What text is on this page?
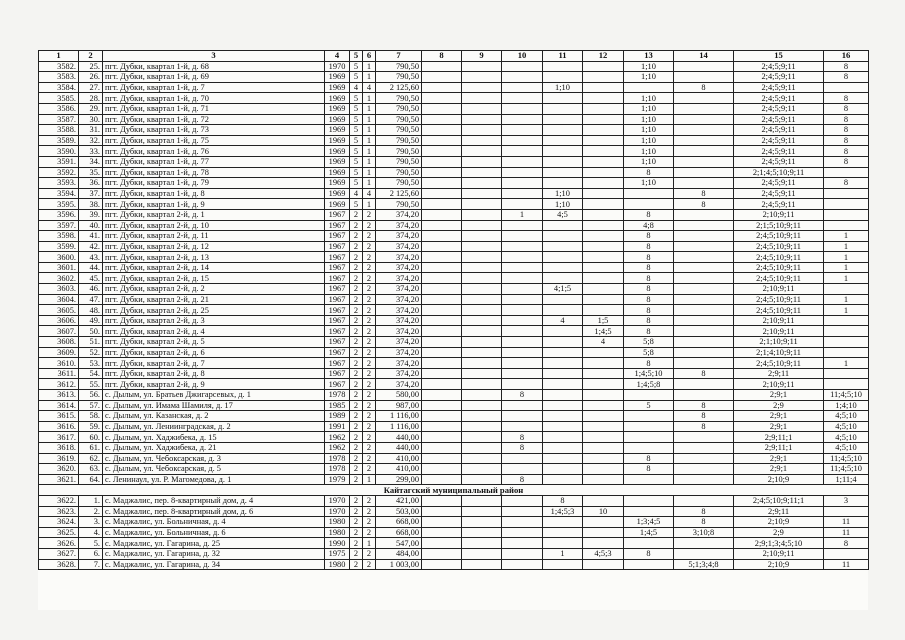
1	2	3	4	5	6	7	8	9	10	11	12	13	14	15	16
3582.	25.	пгт. Дубки, квартал 1-й, д. 68	1970	5	1	790,50						1;10		2;4;5;9;11	8
3583.	26.	пгт. Дубки, квартал 1-й, д. 69	1969	5	1	790,50						1;10		2;4;5;9;11	8
3584.	27.	пгт. Дубки, квартал 1-й, д. 7	1969	4	4	2 125,60				1;10			8	2;4;5;9;11	
3585.	28.	пгт. Дубки, квартал 1-й, д. 70	1969	5	1	790,50						1;10		2;4;5;9;11	8
3586.	29.	пгт. Дубки, квартал 1-й, д. 71	1969	5	1	790,50						1;10		2;4;5;9;11	8
3587.	30.	пгт. Дубки, квартал 1-й, д. 72	1969	5	1	790,50						1;10		2;4;5;9;11	8
3588.	31.	пгт. Дубки, квартал 1-й, д. 73	1969	5	1	790,50						1;10		2;4;5;9;11	8
3589.	32.	пгт. Дубки, квартал 1-й, д. 75	1969	5	1	790,50						1;10		2;4;5;9;11	8
3590.	33.	пгт. Дубки, квартал 1-й, д. 76	1969	5	1	790,50						1;10		2;4;5;9;11	8
3591.	34.	пгт. Дубки, квартал 1-й, д. 77	1969	5	1	790,50						1;10		2;4;5;9;11	8
3592.	35.	пгт. Дубки, квартал 1-й, д. 78	1969	5	1	790,50						8		2;1;4;5;10;9;11	
3593.	36.	пгт. Дубки, квартал 1-й, д. 79	1969	5	1	790,50						1;10		2;4;5;9;11	8
3594.	37.	пгт. Дубки, квартал 1-й, д. 8	1969	4	4	2 125,60				1;10			8	2;4;5;9;11	
3595.	38.	пгт. Дубки, квартал 1-й, д. 9	1969	5	1	790,50				1;10			8	2;4;5;9;11	
3596.	39.	пгт. Дубки, квартал 2-й, д. 1	1967	2	2	374,20			1	4;5		8		2;10;9;11	
3597.	40.	пгт. Дубки, квартал 2-й, д. 10	1967	2	2	374,20						4;8		2;1;5;10;9;11	
3598.	41.	пгт. Дубки, квартал 2-й, д. 11	1967	2	2	374,20						8		2;4;5;10;9;11	1
3599.	42.	пгт. Дубки, квартал 2-й, д. 12	1967	2	2	374,20						8		2;4;5;10;9;11	1
3600.	43.	пгт. Дубки, квартал 2-й, д. 13	1967	2	2	374,20						8		2;4;5;10;9;11	1
3601.	44.	пгт. Дубки, квартал 2-й, д. 14	1967	2	2	374,20						8		2;4;5;10;9;11	1
3602.	45.	пгт. Дубки, квартал 2-й, д. 15	1967	2	2	374,20						8		2;4;5;10;9;11	1
3603.	46.	пгт. Дубки, квартал 2-й, д. 2	1967	2	2	374,20				4;1;5		8		2;10;9;11	
3604.	47.	пгт. Дубки, квартал 2-й, д. 21	1967	2	2	374,20						8		2;4;5;10;9;11	1
3605.	48.	пгт. Дубки, квартал 2-й, д. 25	1967	2	2	374,20						8		2;4;5;10;9;11	1
3606.	49.	пгт. Дубки, квартал 2-й, д. 3	1967	2	2	374,20				4	1;5	8		2;10;9;11	
3607.	50.	пгт. Дубки, квартал 2-й, д. 4	1967	2	2	374,20					1;4;5	8		2;10;9;11	
3608.	51.	пгт. Дубки, квартал 2-й, д. 5	1967	2	2	374,20					4	5;8		2;1;10;9;11	
3609.	52.	пгт. Дубки, квартал 2-й, д. 6	1967	2	2	374,20						5;8		2;1;4;10;9;11	
3610.	53.	пгт. Дубки, квартал 2-й, д. 7	1967	2	2	374,20						8		2;4;5;10;9;11	1
3611.	54.	пгт. Дубки, квартал 2-й, д. 8	1967	2	2	374,20						1;4;5;10	8	2;9;11	
3612.	55.	пгт. Дубки, квартал 2-й, д. 9	1967	2	2	374,20						1;4;5;8		2;10;9;11	
3613.	56.	с. Дылым, ул. Братьев Джигарсевых, д. 1	1978	2	2	580,00			8					2;9;1	11;4;5;10
3614.	57.	с. Дылым, ул. Имама Шамиля, д. 17	1985	2	2	987,00						5	8	2;9	1;4;10
3615.	58.	с. Дылым, ул. Казанская, д. 2	1989	2	2	1 116,00							8	2;9;1	4;5;10
3616.	59.	с. Дылым, ул. Лениинградская, д. 2	1991	2	2	1 116,00							8	2;9;1	4;5;10
3617.	60.	с. Дылым, ул. Хаджибека, д. 15	1962	2	2	440,00			8					2;9;11;1	4;5;10
3618.	61.	с. Дылым, ул. Хаджибека, д. 21	1962	2	2	440,00			8					2;9;11;1	4;5;10
3619.	62.	с. Дылым, ул. Чебоксарская, д. 3	1978	2	2	410,00						8		2;9;1	11;4;5;10
3620.	63.	с. Дылым, ул. Чебоксарская, д. 5	1978	2	2	410,00						8		2;9;1	11;4;5;10
3621.	64.	с. Ленинаул, ул. Р. Магомедова, д. 1	1979	2	1	299,00			8					2;10;9	1;11;4
Кайтагский муниципальный район															
3622.	1.	с. Маджалис, пер. 8-квартирный дом, д. 4	1970	2	2	421,00				8				2;4;5;10;9;11;1	3
3623.	2.	с. Маджалис, пер. 8-квартирный дом, д. 6	1970	2	2	503,00				1;4;5;3	10		8	2;9;11	
3624.	3.	с. Маджалис, ул. Больничная, д. 4	1980	2	2	668,00						1;3;4;5	8	2;10;9	11
3625.	4.	с. Маджалис, ул. Больничная, д. 6	1980	2	2	668,00						1;4;5	3;10;8	2;9	11
3626.	5.	с. Маджалис, ул. Гагарина, д. 25	1990	2	1	547,00								2;9;1;3;4;5;10	8
3627.	6.	с. Маджалис, ул. Гагарина, д. 32	1975	2	2	484,00				1	4;5;3	8		2;10;9;11	
3628.	7.	с. Маджалис, ул. Гагарина, д. 34	1980	2	2	1 003,00							5;1;3;4;8	2;10;9	11
